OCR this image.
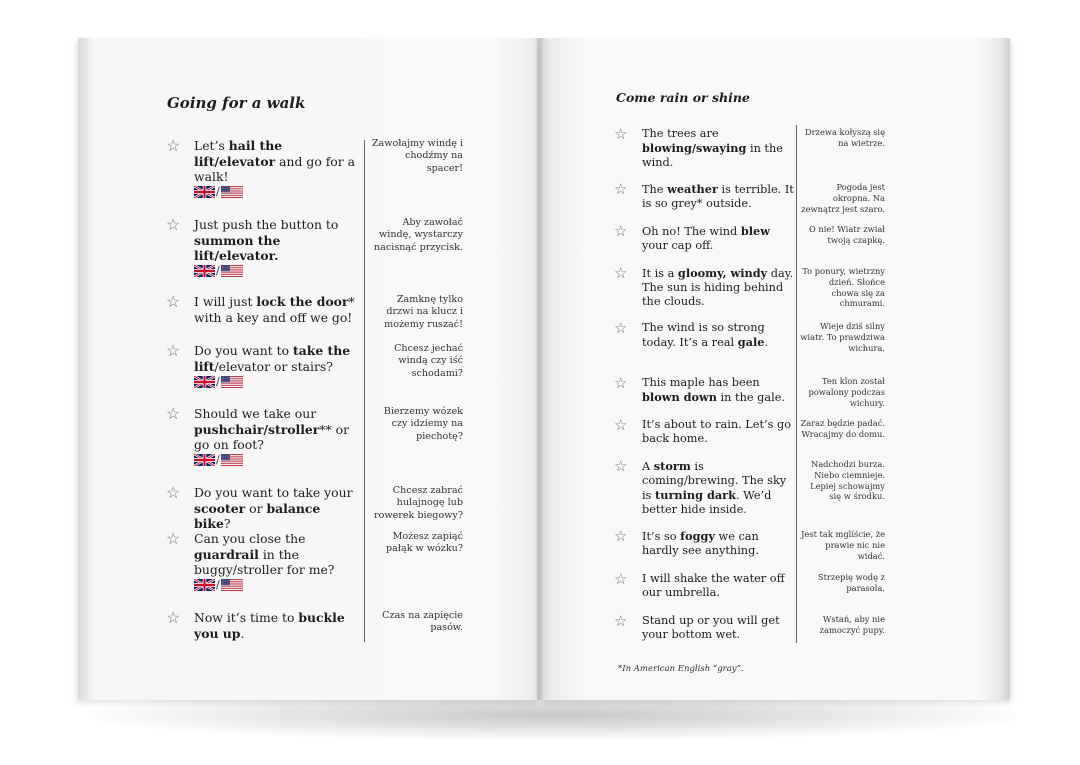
Going for a walk	Come rain or shine
☆ Let’s hail the lift/elevator and go for a walk!
/
Zawołajmy windę i chodźmy na spacer!
☆ Just push the button to summon the lift/elevator.
/
Aby zawołać windę, wystarczy nacisnąć przycisk.
☆ I will just lock the door* with a key and off we go!
Zamknę tylko drzwi na klucz i możemy ruszać!
☆ Do you want to take the lift/elevator or stairs?
/
Chcesz jechać windą czy iść schodami?
☆ Should we take our pushchair/stroller** or go on foot?
/
Bierzemy wózek czy idziemy na piechotę?
☆ Do you want to take your scooter or balance bike?
Chcesz zabrać hulajnogę lub rowerek biegowy?
☆ Can you close the guardrail in the buggy/stroller for me?
/
Możesz zapiąć pałąk w wózku?
☆ Now it’s time to buckle you up.
Czas na zapięcie pasów.
☆ The trees are blowing/swaying in the wind.
Drzewa kołyszą się na wietrze.
☆ The weather is terrible. It is so grey* outside.
Pogoda jest okropna. Na zewnątrz jest szaro.
☆ Oh no! The wind blew your cap off.
O nie! Wiatr zwiał twoją czapkę.
☆ It is a gloomy, windy day. The sun is hiding behind the clouds.
To ponury, wietrzny dzień. Słońce chowa się za chmurami.
☆ The wind is so strong today. It’s a real gale.
Wieje dziś silny wiatr. To prawdziwa wichura.
☆ This maple has been blown down in the gale.
Ten klon został powalony podczas wichury.
☆ It’s about to rain. Let’s go back home.
Zaraz będzie padać. Wracajmy do domu.
☆ A storm is coming/brewing. The sky is turning dark. We’d better hide inside.
Nadchodzi burza. Niebo ciemnieje. Lepiej schowajmy się w środku.
☆ It’s so foggy we can hardly see anything.
Jest tak mglíście, że prawie nic nie widać.
☆ I will shake the water off our umbrella.
Strzepię wodę z parasola.
☆ Stand up or you will get your bottom wet.
Wstań, aby nie zamoczyć pupy.
*In American English “gray”.
